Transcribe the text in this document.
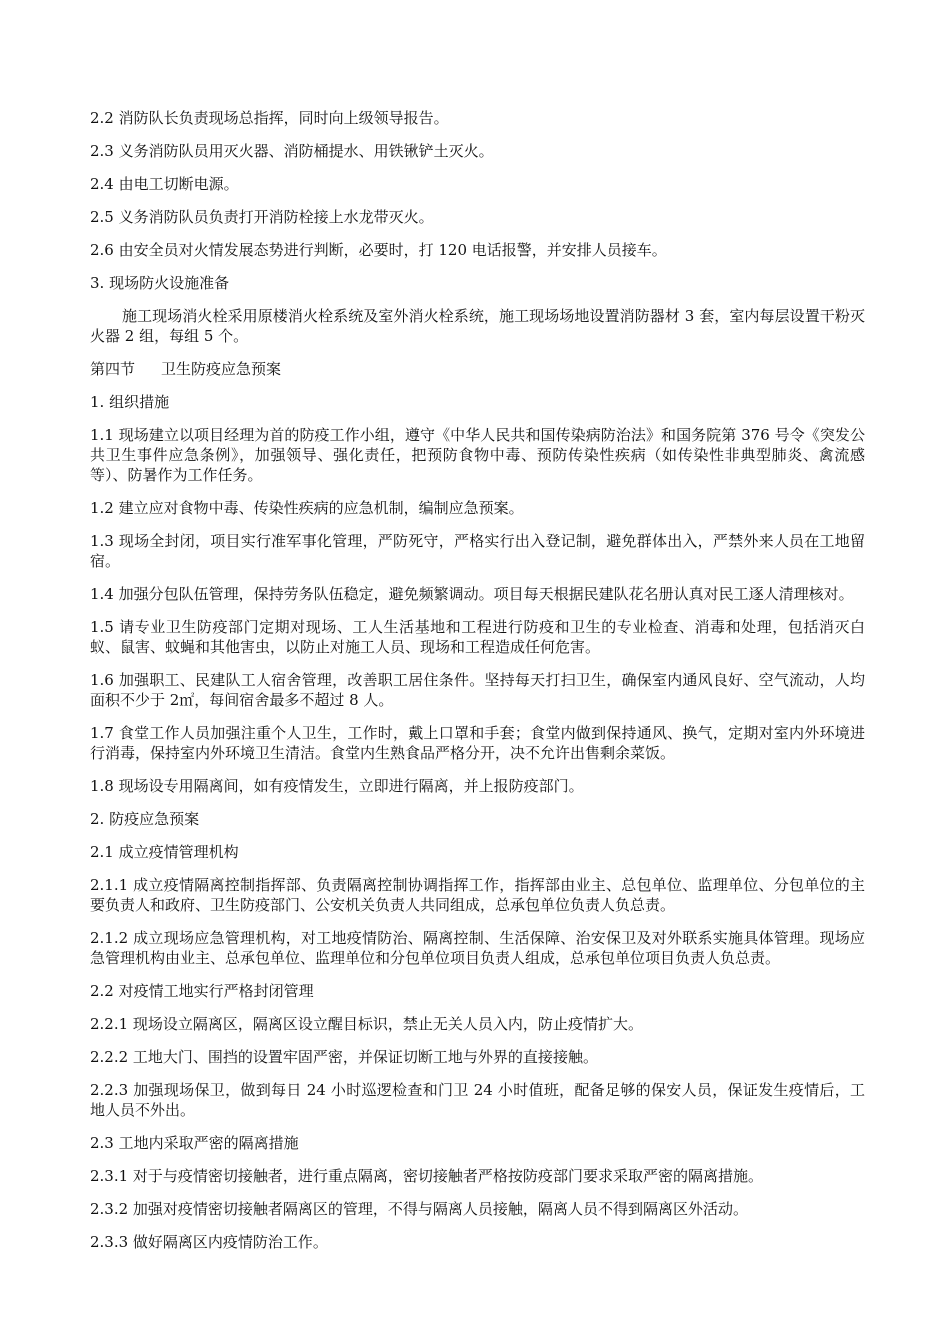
2.2 消防队长负责现场总指挥，同时向上级领导报告。

2.3 义务消防队员用灭火器、消防桶提水、用铁锹铲土灭火。

2.4 由电工切断电源。

2.5 义务消防队员负责打开消防栓接上水龙带灭火。

2.6 由安全员对火情发展态势进行判断，必要时，打 120 电话报警，并安排人员接车。

3. 现场防火设施准备

施工现场消火栓采用原楼消火栓系统及室外消火栓系统，施工现场场地设置消防器材 3 套，室内每层设置干粉灭火器 2 组，每组 5 个。

第四节 卫生防疫应急预案

1. 组织措施

1.1 现场建立以项目经理为首的防疫工作小组，遵守《中华人民共和国传染病防治法》和国务院第 376 号令《突发公共卫生事件应急条例》，加强领导、强化责任，把预防食物中毒、预防传染性疾病（如传染性非典型肺炎、禽流感等）、防暑作为工作任务。

1.2 建立应对食物中毒、传染性疾病的应急机制，编制应急预案。

1.3 现场全封闭，项目实行准军事化管理，严防死守，严格实行出入登记制，避免群体出入，严禁外来人员在工地留宿。

1.4 加强分包队伍管理，保持劳务队伍稳定，避免频繁调动。项目每天根据民建队花名册认真对民工逐人清理核对。

1.5 请专业卫生防疫部门定期对现场、工人生活基地和工程进行防疫和卫生的专业检查、消毒和处理，包括消灭白蚁、鼠害、蚊蝇和其他害虫，以防止对施工人员、现场和工程造成任何危害。

1.6 加强职工、民建队工人宿舍管理，改善职工居住条件。坚持每天打扫卫生，确保室内通风良好、空气流动，人均面积不少于 2㎡，每间宿舍最多不超过 8 人。

1.7 食堂工作人员加强注重个人卫生，工作时，戴上口罩和手套；食堂内做到保持通风、换气，定期对室内外环境进行消毒，保持室内外环境卫生清洁。食堂内生熟食品严格分开，决不允许出售剩余菜饭。

1.8 现场设专用隔离间，如有疫情发生，立即进行隔离，并上报防疫部门。

2. 防疫应急预案

2.1 成立疫情管理机构

2.1.1 成立疫情隔离控制指挥部、负责隔离控制协调指挥工作，指挥部由业主、总包单位、监理单位、分包单位的主要负责人和政府、卫生防疫部门、公安机关负责人共同组成，总承包单位负责人负总责。

2.1.2 成立现场应急管理机构，对工地疫情防治、隔离控制、生活保障、治安保卫及对外联系实施具体管理。现场应急管理机构由业主、总承包单位、监理单位和分包单位项目负责人组成，总承包单位项目负责人负总责。

2.2 对疫情工地实行严格封闭管理

2.2.1 现场设立隔离区，隔离区设立醒目标识，禁止无关人员入内，防止疫情扩大。

2.2.2 工地大门、围挡的设置牢固严密，并保证切断工地与外界的直接接触。

2.2.3 加强现场保卫，做到每日 24 小时巡逻检查和门卫 24 小时值班，配备足够的保安人员，保证发生疫情后，工地人员不外出。

2.3 工地内采取严密的隔离措施

2.3.1 对于与疫情密切接触者，进行重点隔离，密切接触者严格按防疫部门要求采取严密的隔离措施。

2.3.2 加强对疫情密切接触者隔离区的管理，不得与隔离人员接触，隔离人员不得到隔离区外活动。

2.3.3 做好隔离区内疫情防治工作。
